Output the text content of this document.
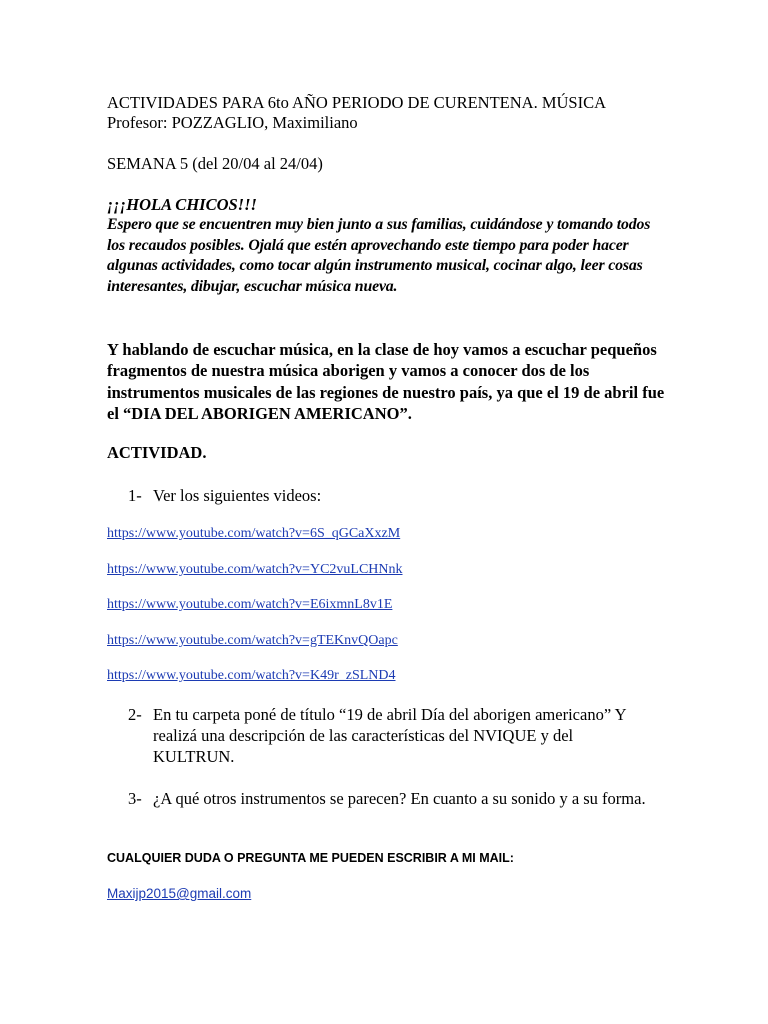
ACTIVIDADES PARA 6to AÑO PERIODO DE CURENTENA. MÚSICA
Profesor: POZZAGLIO, Maximiliano
SEMANA 5 (del 20/04 al 24/04)
¡¡¡HOLA CHICOS!!!
Espero que se encuentren muy bien junto a sus familias, cuidándose y tomando todos los recaudos posibles. Ojalá que estén aprovechando este tiempo para poder hacer algunas actividades, como tocar algún instrumento musical, cocinar algo, leer cosas interesantes, dibujar, escuchar música nueva.
Y hablando de escuchar música, en la clase de hoy vamos a escuchar pequeños fragmentos de nuestra música aborigen y vamos a conocer dos de los instrumentos musicales de las regiones de nuestro país, ya que el 19 de abril fue el “DIA DEL ABORIGEN AMERICANO”.
ACTIVIDAD.
1- Ver los siguientes videos:
https://www.youtube.com/watch?v=6S_qGCaXxzM
https://www.youtube.com/watch?v=YC2vuLCHNnk
https://www.youtube.com/watch?v=E6ixmnL8v1E
https://www.youtube.com/watch?v=gTEKnvQOapc
https://www.youtube.com/watch?v=K49r_zSLND4
2- En tu carpeta poné de título “19 de abril Día del aborigen americano” Y realizá una descripción de las características del NVIQUE y del KULTRUN.
3- ¿A qué otros instrumentos se parecen? En cuanto a su sonido y a su forma.
CUALQUIER DUDA O PREGUNTA ME PUEDEN ESCRIBIR A MI MAIL:
Maxijp2015@gmail.com
